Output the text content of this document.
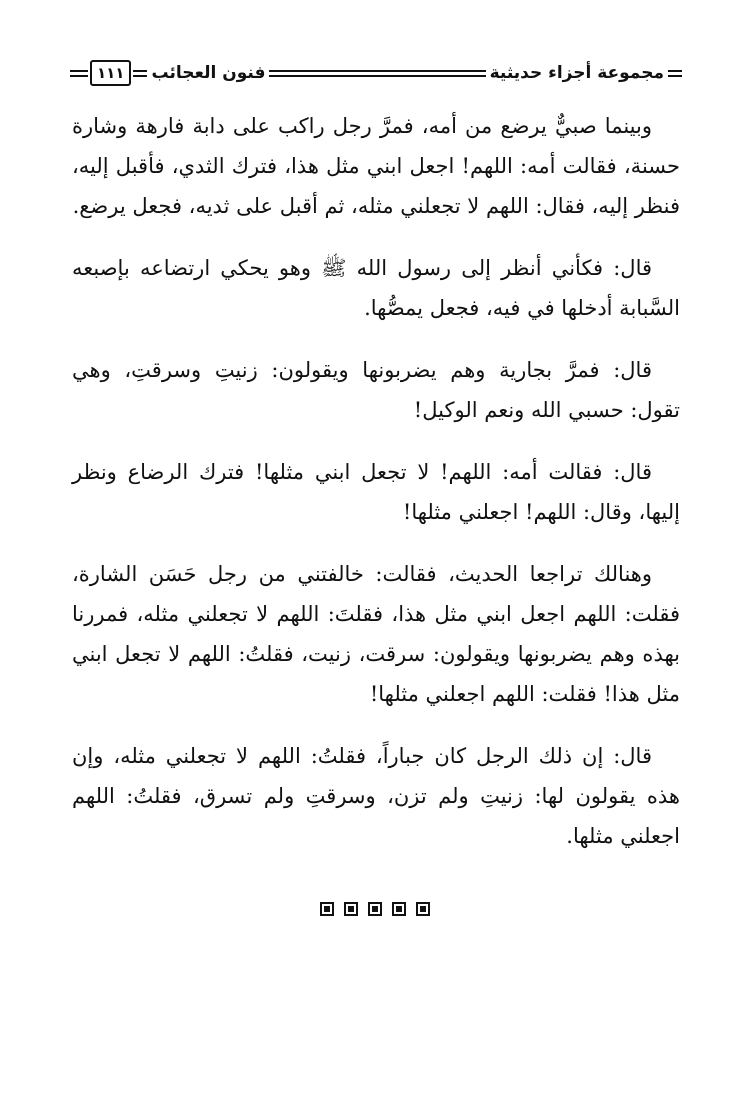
مجموعة أجزاء حديثية
فنون العجائب
١١١

وبينما صبيٌّ يرضع من أمه، فمرَّ رجل راكب على دابة فارهة وشارة حسنة، فقالت أمه: اللهم! اجعل ابني مثل هذا، فترك الثدي، فأقبل إليه، فنظر إليه، فقال: اللهم لا تجعلني مثله، ثم أقبل على ثديه، فجعل يرضع.

قال: فكأني أنظر إلى رسول الله ﷺ وهو يحكي ارتضاعه بإصبعه السَّبابة أدخلها في فيه، فجعل يمصُّها.

قال: فمرَّ بجارية وهم يضربونها ويقولون: زنيتِ وسرقتِ، وهي تقول: حسبي الله ونعم الوكيل!

قال: فقالت أمه: اللهم! لا تجعل ابني مثلها! فترك الرضاع ونظر إليها، وقال: اللهم! اجعلني مثلها!

وهنالك تراجعا الحديث، فقالت: خالفتني من رجل حَسَن الشارة، فقلت: اللهم اجعل ابني مثل هذا، فقلتَ: اللهم لا تجعلني مثله، فمررنا بهذه وهم يضربونها ويقولون: سرقت، زنيت، فقلتُ: اللهم لا تجعل ابني مثل هذا! فقلت: اللهم اجعلني مثلها!

قال: إن ذلك الرجل كان جباراً، فقلتُ: اللهم لا تجعلني مثله، وإن هذه يقولون لها: زنيتِ ولم تزن، وسرقتِ ولم تسرق، فقلتُ: اللهم اجعلني مثلها.
